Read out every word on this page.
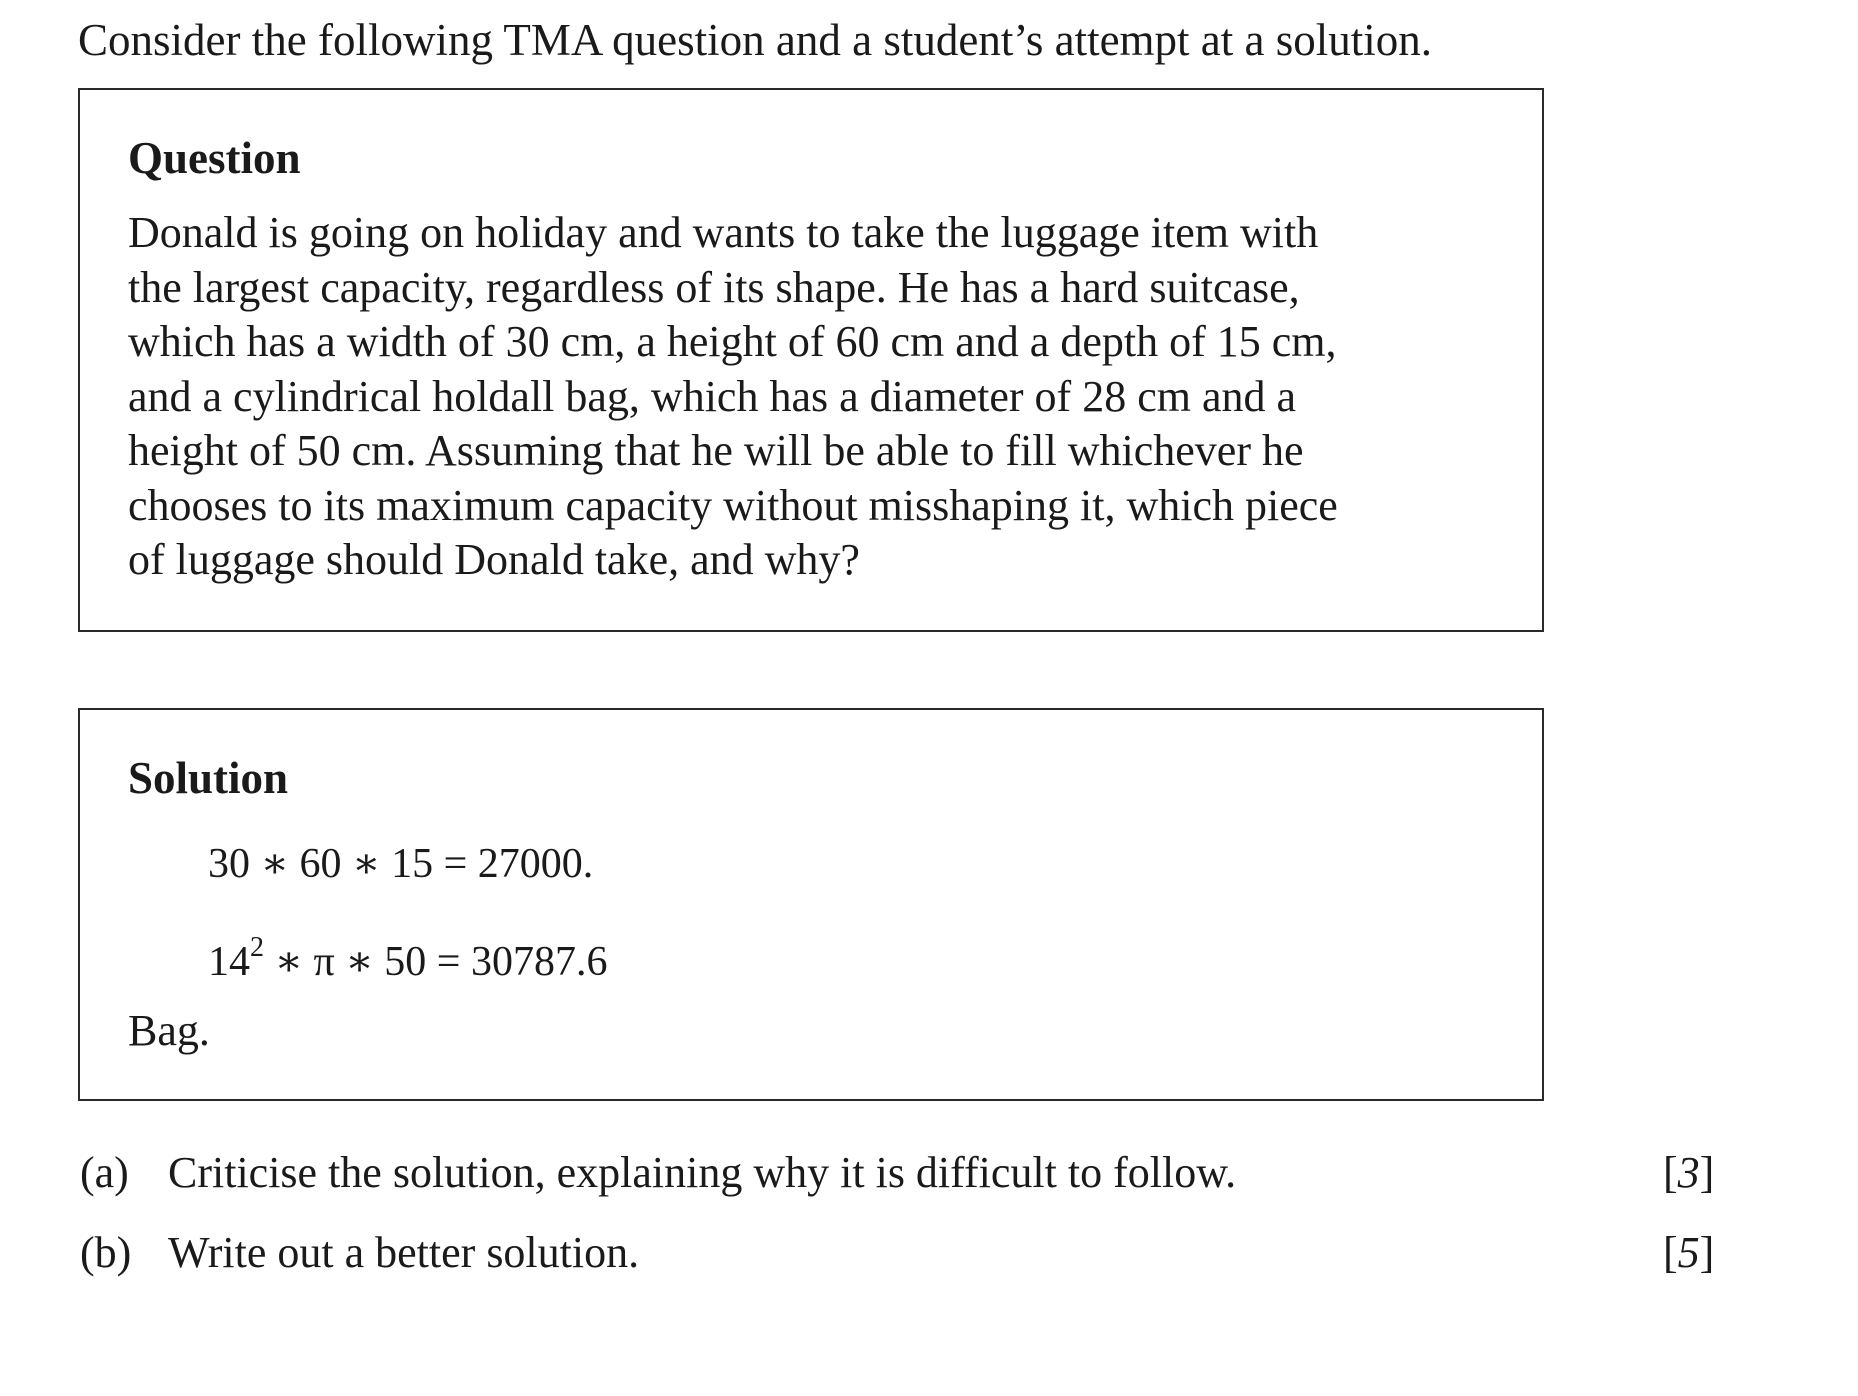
Consider the following TMA question and a student’s attempt at a solution.
Question
Donald is going on holiday and wants to take the luggage item with
the largest capacity, regardless of its shape. He has a hard suitcase,
which has a width of 30 cm, a height of 60 cm and a depth of 15 cm,
and a cylindrical holdall bag, which has a diameter of 28 cm and a
height of 50 cm. Assuming that he will be able to fill whichever he
chooses to its maximum capacity without misshaping it, which piece
of luggage should Donald take, and why?
Solution
30 ∗ 60 ∗ 15 = 27000.
$14^2$ ∗ π ∗ 50 = 30787.6
Bag.
(a) Criticise the solution, explaining why it is difficult to follow.	[3]
(b) Write out a better solution.	[5]
